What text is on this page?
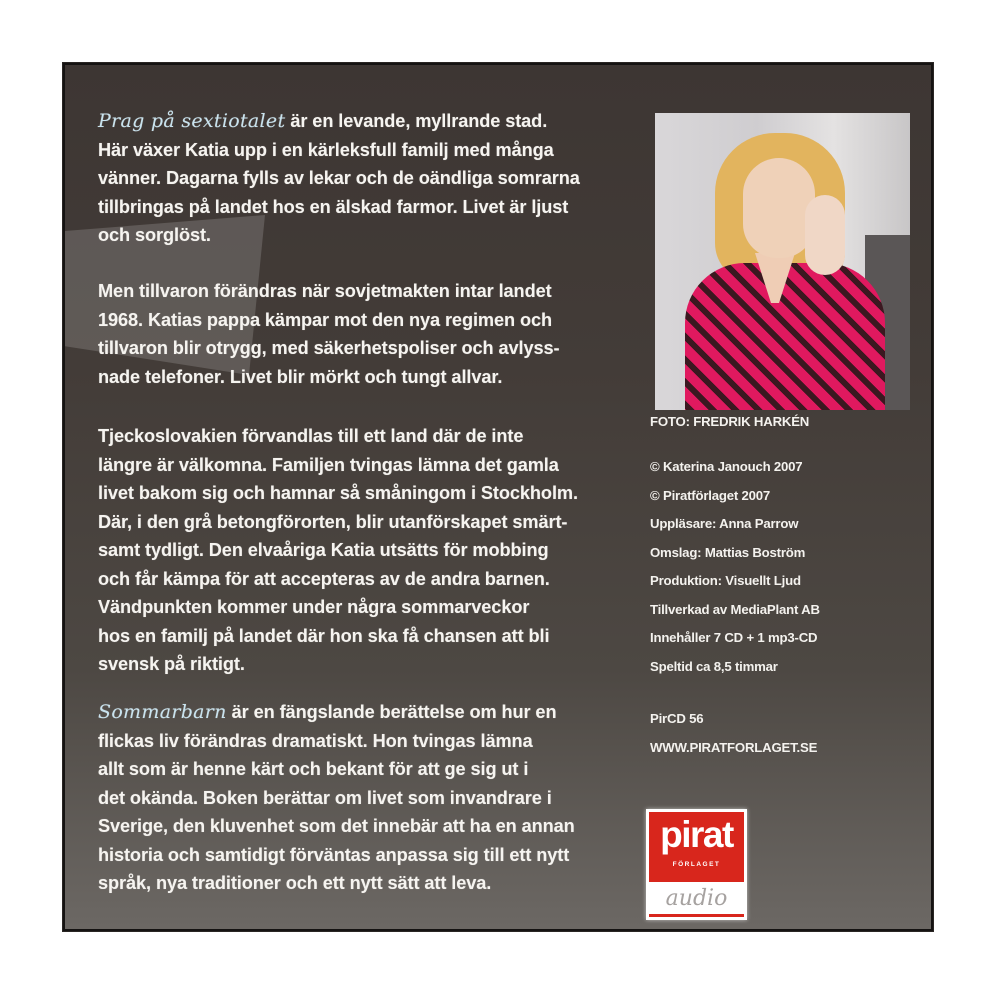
Prag på sextiotalet är en levande, myllrande stad.
Här växer Katia upp i en kärleksfull familj med många
vänner. Dagarna fylls av lekar och de oändliga somrarna
tillbringas på landet hos en älskad farmor. Livet är ljust
och sorglöst.
Men tillvaron förändras när sovjetmakten intar landet
1968. Katias pappa kämpar mot den nya regimen och
tillvaron blir otrygg, med säkerhetspoliser och avlyss-
nade telefoner. Livet blir mörkt och tungt allvar.
Tjeckoslovakien förvandlas till ett land där de inte
längre är välkomna. Familjen tvingas lämna det gamla
livet bakom sig och hamnar så småningom i Stockholm.
Där, i den grå betongförorten, blir utanförskapet smärt-
samt tydligt. Den elvaåriga Katia utsätts för mobbing
och får kämpa för att accepteras av de andra barnen.
Vändpunkten kommer under några sommarveckor
hos en familj på landet där hon ska få chansen att bli
svensk på riktigt.
Sommarbarn är en fängslande berättelse om hur en
flickas liv förändras dramatiskt. Hon tvingas lämna
allt som är henne kärt och bekant för att ge sig ut i
det okända. Boken berättar om livet som invandrare i
Sverige, den kluvenhet som det innebär att ha en annan
historia och samtidigt förväntas anpassa sig till ett nytt
språk, nya traditioner och ett nytt sätt att leva.
FOTO: FREDRIK HARKÉN
© Katerina Janouch 2007
© Piratförlaget 2007
Uppläsare: Anna Parrow
Omslag: Mattias Boström
Produktion: Visuellt Ljud
Tillverkad av MediaPlant AB
Innehåller 7 CD + 1 mp3-CD
Speltid ca 8,5 timmar
PirCD 56
WWW.PIRATFORLAGET.SE
pirat
FÖRLAGET
audio
